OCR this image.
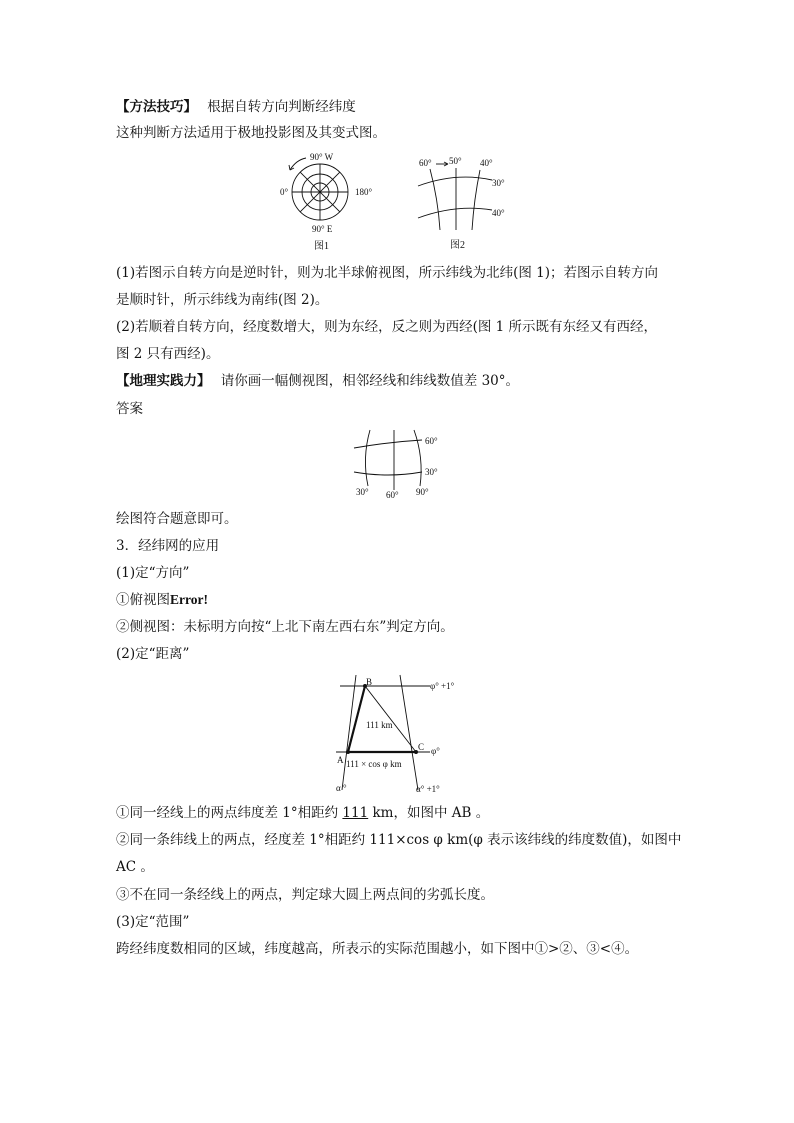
【方法技巧】 根据自转方向判断经纬度
这种判断方法适用于极地投影图及其变式图。
90° W
0°	180°
90° E
图1
60° 50° 40°
30°
40°
图2
(1)若图示自转方向是逆时针，则为北半球俯视图，所示纬线为北纬(图 1)；若图示自转方向
是顺时针，所示纬线为南纬(图 2)。
(2)若顺着自转方向，经度数增大，则为东经，反之则为西经(图 1 所示既有东经又有西经，
图 2 只有西经)。
【地理实践力】 请你画一幅侧视图，相邻经线和纬线数值差 30°。
答案
60°
30°
30° 60° 90°
绘图符合题意即可。
3．经纬网的应用
(1)定“方向”
①俯视图Error!
②侧视图：未标明方向按“上北下南左西右东”判定方向。
(2)定“距离”
B
A
C
φ° +1°
φ°
111 km
111 × cos φ km
α °	α° +1°
①同一经线上的两点纬度差 1°相距约 111 km，如图中 AB 。
②同一条纬线上的两点，经度差 1°相距约 111×cos φ km(φ 表示该纬线的纬度数值)，如图中
AC 。
③不在同一条经线上的两点，判定球大圆上两点间的劣弧长度。
(3)定“范围”
跨经纬度数相同的区域，纬度越高，所表示的实际范围越小，如下图中①>②、③<④。
